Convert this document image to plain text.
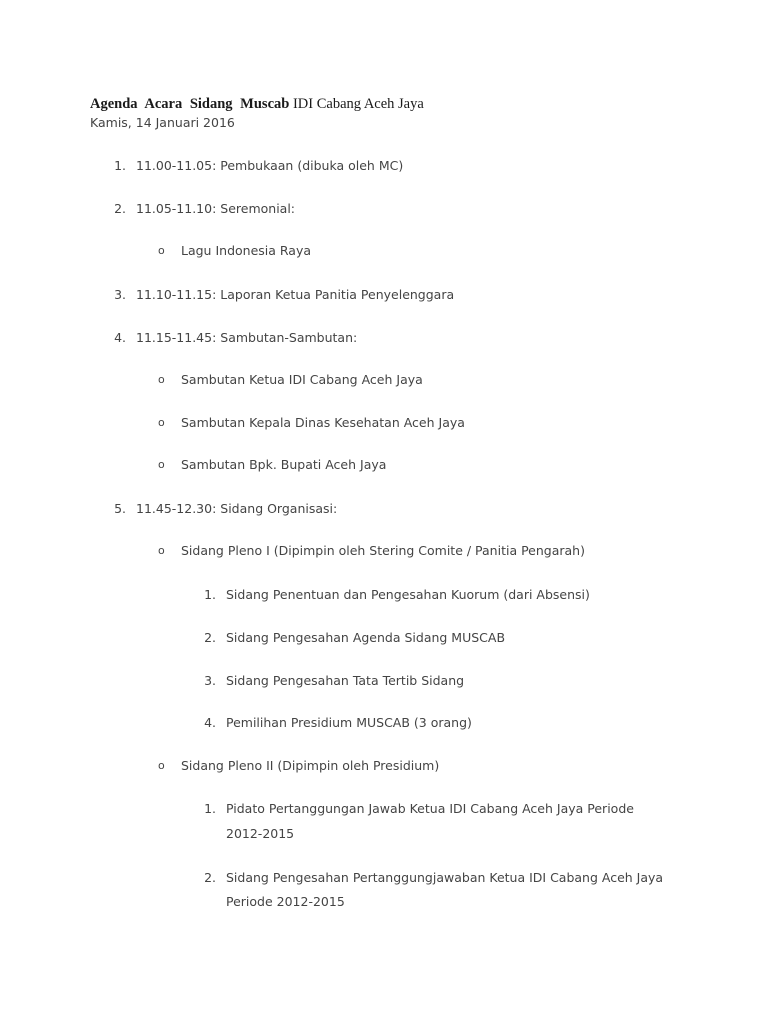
Agenda Acara Sidang Muscab IDI Cabang Aceh Jaya
Kamis, 14 Januari 2016
1. 11.00-11.05: Pembukaan (dibuka oleh MC)
2. 11.05-11.10: Seremonial:
o Lagu Indonesia Raya
3. 11.10-11.15: Laporan Ketua Panitia Penyelenggara
4. 11.15-11.45: Sambutan-Sambutan:
o Sambutan Ketua IDI Cabang Aceh Jaya
o Sambutan Kepala Dinas Kesehatan Aceh Jaya
o Sambutan Bpk. Bupati Aceh Jaya
5. 11.45-12.30: Sidang Organisasi:
o Sidang Pleno I (Dipimpin oleh Stering Comite / Panitia Pengarah)
1. Sidang Penentuan dan Pengesahan Kuorum (dari Absensi)
2. Sidang Pengesahan Agenda Sidang MUSCAB
3. Sidang Pengesahan Tata Tertib Sidang
4. Pemilihan Presidium MUSCAB (3 orang)
o Sidang Pleno II (Dipimpin oleh Presidium)
1. Pidato Pertanggungan Jawab Ketua IDI Cabang Aceh Jaya Periode
2012-2015
2. Sidang Pengesahan Pertanggungjawaban Ketua IDI Cabang Aceh Jaya
Periode 2012-2015
